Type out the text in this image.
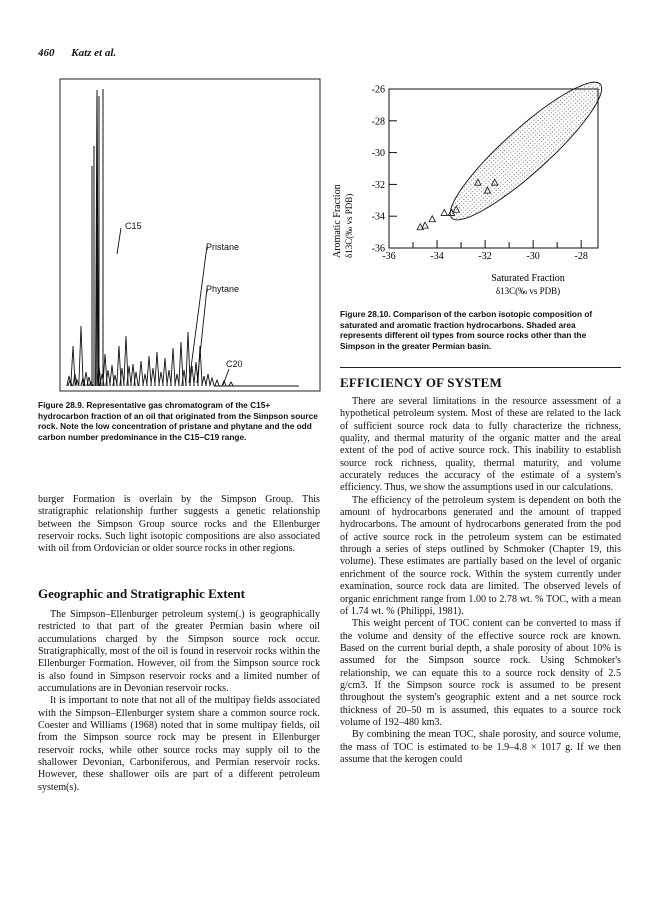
460 Katz et al.
C15
Pristane
Phytane
C20
Figure 28.9. Representative gas chromatogram of the C15+ hydrocarbon fraction of an oil that originated from the Simpson source rock. Note the low concentration of pristane and phytane and the odd carbon number predominance in the C15–C19 range.

burger Formation is overlain by the Simpson Group. This stratigraphic relationship further suggests a genetic relationship between the Simpson Group source rocks and the Ellenburger reservoir rocks. Such light isotopic compositions are also associated with oil from Ordovician or older source rocks in other regions.

Geographic and Stratigraphic Extent

The Simpson–Ellenburger petroleum system(.) is geographically restricted to that part of the greater Permian basin where oil accumulations charged by the Simpson source rock occur. Stratigraphically, most of the oil is found in reservoir rocks within the Ellenburger Formation. However, oil from the Simpson source rock is also found in Simpson reservoir rocks and a limited number of accumulations are in Devonian reservoir rocks.

It is important to note that not all of the multipay fields associated with the Simpson–Ellenburger system share a common source rock. Coester and Williams (1968) noted that in some multipay fields, oil from the Simpson source rock may be present in Ellenburger reservoir rocks, while other source rocks may supply oil to the shallower Devonian, Carboniferous, and Permian reservoir rocks. However, these shallower oils are part of a different petroleum system(s).

-26
-28
-30
-32
-34
-36
-36	-34	-32	-30	-28
Aromatic Fraction δ13C(‰ vs PDB)
Saturated Fraction
δ13C(‰ vs PDB)
Figure 28.10. Comparison of the carbon isotopic composition of saturated and aromatic fraction hydrocarbons. Shaded area represents different oil types from source rocks other than the Simpson in the greater Permian basin.
EFFICIENCY OF SYSTEM

There are several limitations in the resource assessment of a hypothetical petroleum system. Most of these are related to the lack of sufficient source rock data to fully characterize the richness, quality, and thermal maturity of the organic matter and the areal extent of the pod of active source rock. This inability to establish source rock richness, quality, thermal maturity, and volume accurately reduces the accuracy of the estimate of a system's efficiency. Thus, we show the assumptions used in our calculations.

The efficiency of the petroleum system is dependent on both the amount of hydrocarbons generated and the amount of trapped hydrocarbons. The amount of hydrocarbons generated from the pod of active source rock in the petroleum system can be estimated through a series of steps outlined by Schmoker (Chapter 19, this volume). These estimates are partially based on the level of organic enrichment of the source rock. Within the system currently under examination, source rock data are limited. The observed levels of organic enrichment range from 1.00 to 2.78 wt. % TOC, with a mean of 1.74 wt. % (Philippi, 1981).

This weight percent of TOC content can be converted to mass if the volume and density of the effective source rock are known. Based on the current burial depth, a shale porosity of about 10% is assumed for the Simpson source rock. Using Schmoker's relationship, we can equate this to a source rock density of 2.5 g/cm3. If the Simpson source rock is assumed to be present throughout the system's geographic extent and a net source rock thickness of 20–50 m is assumed, this equates to a source rock volume of 192–480 km3.

By combining the mean TOC, shale porosity, and source volume, the mass of TOC is estimated to be 1.9–4.8 × 1017 g. If we then assume that the kerogen could
